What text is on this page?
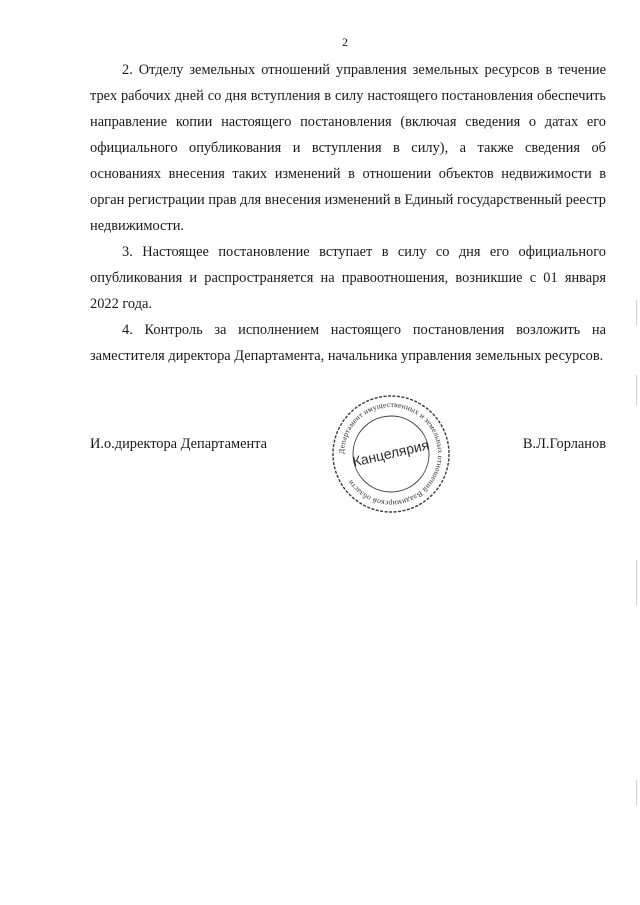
2

2. Отделу земельных отношений управления земельных ресурсов в течение трех рабочих дней со дня вступления в силу настоящего постановления обеспечить направление копии настоящего постановления (включая сведения о датах его официального опубликования и вступления в силу), а также сведения об основаниях внесения таких изменений в отношении объектов недвижимости в орган регистрации прав для внесения изменений в Единый государственный реестр недвижимости.

3. Настоящее постановление вступает в силу со дня его официального опубликования и распространяется на правоотношения, возникшие с 01 января 2022 года.

4. Контроль за исполнением настоящего постановления возложить на заместителя директора Департамента, начальника управления земельных ресурсов.

И.о.директора Департамента	В.Л.Горланов
Департамент имущественных и земельных отношений Владимирской области
Канцелярия
